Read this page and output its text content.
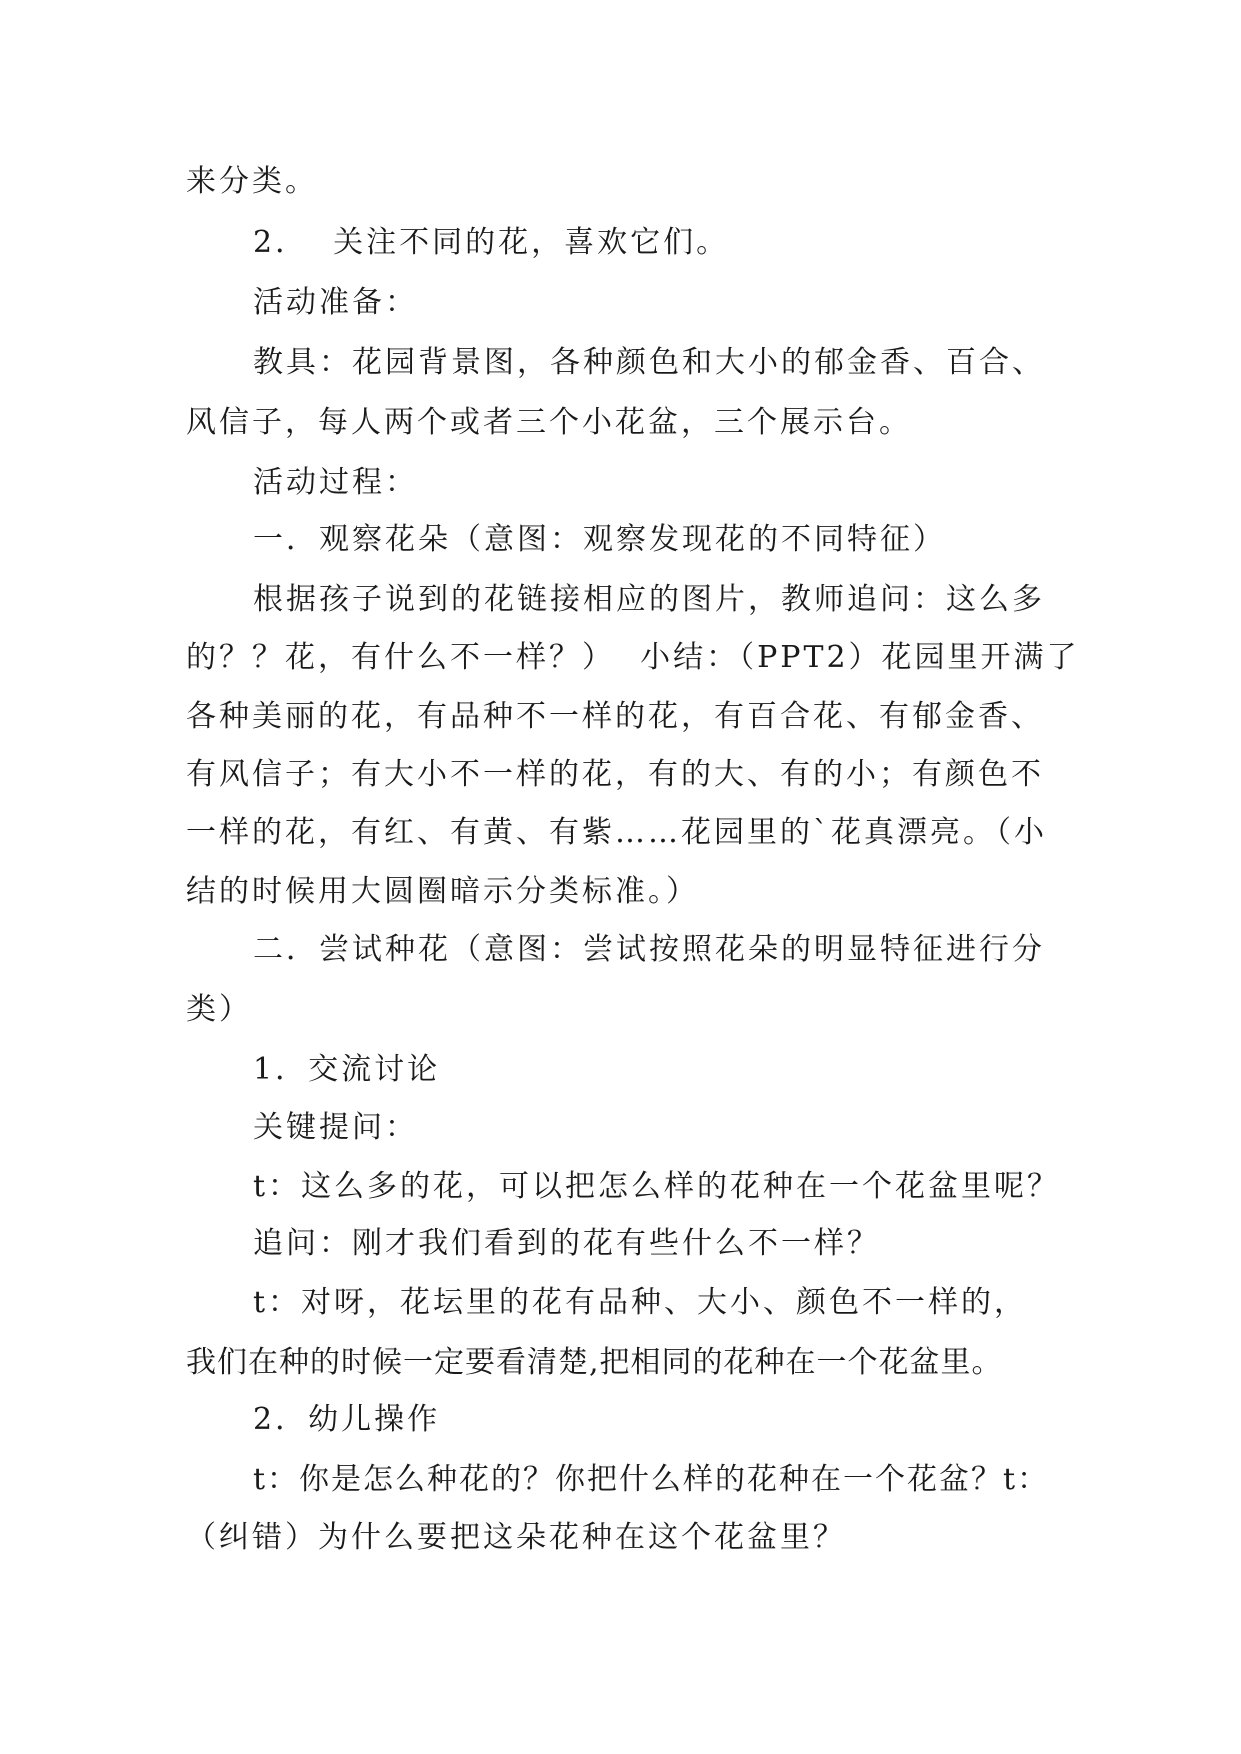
来分类。
2．  关注不同的花，喜欢它们。
活动准备：
教具：花园背景图，各种颜色和大小的郁金香、百合、
风信子，每人两个或者三个小花盆，三个展示台。
活动过程：
一．观察花朵（意图：观察发现花的不同特征）
根据孩子说到的花链接相应的图片，教师追问：这么多
的？？花，有什么不一样？）  小结：（PPT2）花园里开满了
各种美丽的花，有品种不一样的花，有百合花、有郁金香、
有风信子；有大小不一样的花，有的大、有的小；有颜色不
一样的花，有红、有黄、有紫……花园里的`花真漂亮。（小
结的时候用大圆圈暗示分类标准。）
二．尝试种花（意图：尝试按照花朵的明显特征进行分
类）
1．交流讨论
关键提问：
t：这么多的花，可以把怎么样的花种在一个花盆里呢？
追问：刚才我们看到的花有些什么不一样？
t：对呀，花坛里的花有品种、大小、颜色不一样的，
我们在种的时候一定要看清楚,把相同的花种在一个花盆里。
2．幼儿操作
t：你是怎么种花的？你把什么样的花种在一个花盆？t：
（纠错）为什么要把这朵花种在这个花盆里？
